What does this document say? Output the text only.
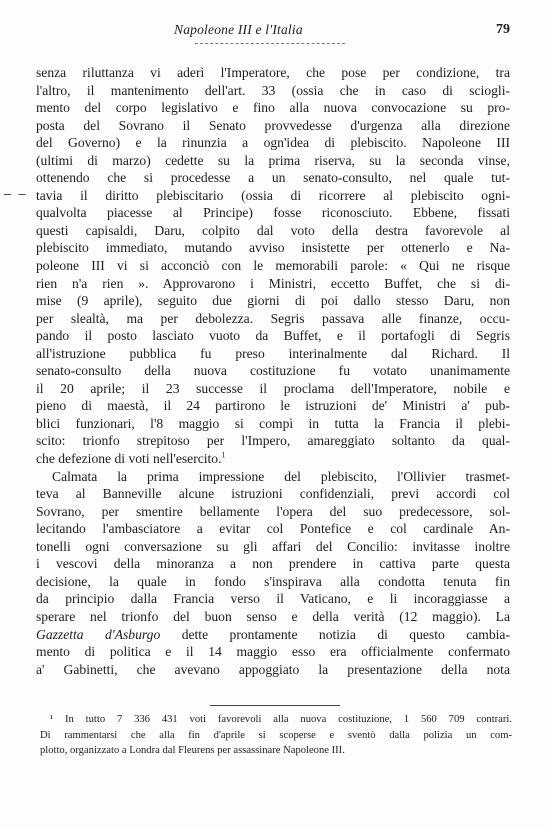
Napoleone III e l'Italia	79
– –
senza riluttanza vi aderì l'Imperatore, che pose per condizione, tra
l'altro, il mantenimento dell'art. 33 (ossia che in caso di sciogli-
mento del corpo legislativo e fino alla nuova convocazione su pro-
posta del Sovrano il Senato provvedesse d'urgenza alla direzione
del Governo) e la rinunzia a ogn'idea di plebiscito. Napoleone III
(ultimi di marzo) cedette su la prima riserva, su la seconda vinse,
ottenendo che si procedesse a un senato-consulto, nel quale tut-
tavia il diritto plebiscitario (ossia di ricorrere al plebiscito ogni-
qualvolta piacesse al Principe) fosse riconosciuto. Ebbene, fissati
questi capisaldi, Daru, colpito dal voto della destra favorevole al
plebiscito immediato, mutando avviso insistette per ottenerlo e Na-
poleone III vi si acconciò con le memorabili parole: « Qui ne risque
rien n'a rien ». Approvarono i Ministri, eccetto Buffet, che si di-
mise (9 aprile), seguito due giorni di poi dallo stesso Daru, non
per slealtà, ma per debolezza. Segris passava alle finanze, occu-
pando il posto lasciato vuoto da Buffet, e il portafogli di Segris
all'istruzione pubblica fu preso interinalmente dal Richard. Il
senato-consulto della nuova costituzione fu votato unanimamente
il 20 aprile; il 23 successe il proclama dell'Imperatore, nobile e
pieno di maestà, il 24 partirono le istruzioni de' Ministri a' pub-
blici funzionari, l'8 maggio si compì in tutta la Francia il plebi-
scito: trionfo strepitoso per l'Impero, amareggiato soltanto da qual-
che defezione di voti nell'esercito.$^1$
Calmata la prima impressione del plebiscito, l'Ollivier trasmet-
teva al Banneville alcune istruzioni confidenziali, previ accordi col
Sovrano, per smentire bellamente l'opera del suo predecessore, sol-
lecitando l'ambasciatore a evitar col Pontefice e col cardinale An-
tonelli ogni conversazione su gli affari del Concilio: invitasse inoltre
i vescovi della minoranza a non prendere in cattiva parte questa
decisione, la quale in fondo s'inspirava alla condotta tenuta fin
da principio dalla Francia verso il Vaticano, e li incoraggiasse a
sperare nel trionfo del buon senso e della verità (12 maggio). La
Gazzetta d'Asburgo dette prontamente notizia di questo cambia-
mento di politica e il 14 maggio esso era officialmente confermato
a' Gabinetti, che avevano appoggiato la presentazione della nota
¹ In tutto 7 336 431 voti favorevoli alla nuova costituzione, 1 560 709 contrari.
Di rammentarsi che alla fin d'aprile si scoperse e sventò dalla polizia un com-
plotto, organizzato a Londra dal Fleurens per assassinare Napoleone III.
